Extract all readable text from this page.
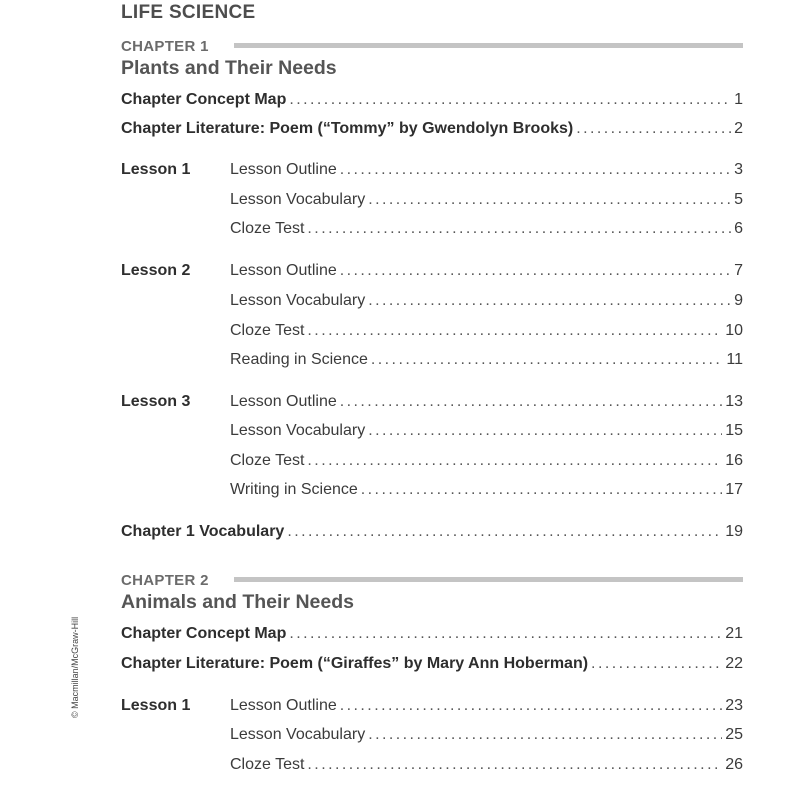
LIFE SCIENCE
CHAPTER 1
Plants and Their Needs
Chapter Concept Map . . .	1
Chapter Literature: Poem (“Tommy” by Gwendolyn Brooks) . . .	2
Lesson 1	Lesson Outline . . .	3
Lesson Vocabulary . . .	5
Cloze Test . . .	6
Lesson 2	Lesson Outline . . .	7
Lesson Vocabulary . . .	9
Cloze Test . . .	10
Reading in Science . . .	11
Lesson 3	Lesson Outline . . .	13
Lesson Vocabulary . . .	15
Cloze Test . . .	16
Writing in Science . . .	17
Chapter 1 Vocabulary . . .	19
CHAPTER 2
Animals and Their Needs
Chapter Concept Map . . .	21
Chapter Literature: Poem (“Giraffes” by Mary Ann Hoberman) . . .	22
Lesson 1	Lesson Outline . . .	23
Lesson Vocabulary . . .	25
Cloze Test . . .	26
© Macmillan/McGraw-Hill
